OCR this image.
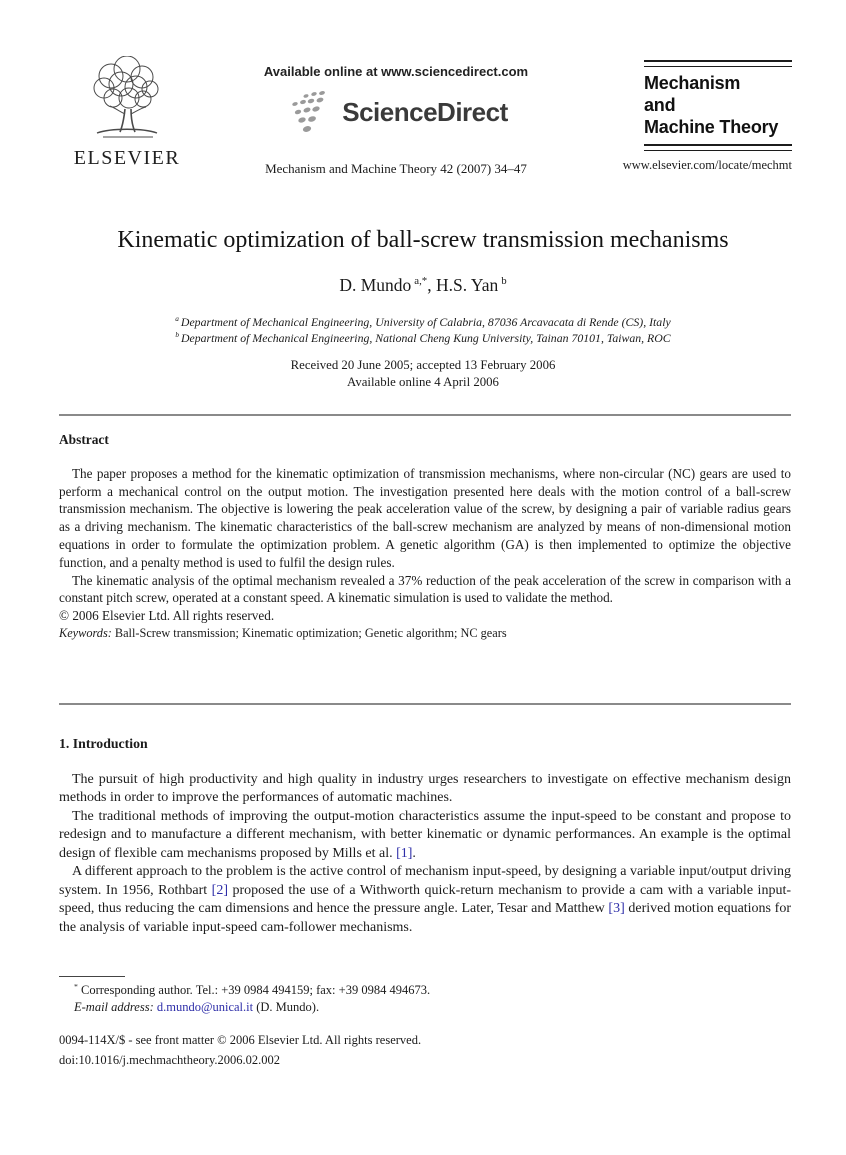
ELSEVIER
Available online at www.sciencedirect.com
ScienceDirect
Mechanism and Machine Theory 42 (2007) 34–47
Mechanism
and
Machine Theory
www.elsevier.com/locate/mechmt
Kinematic optimization of ball-screw transmission mechanisms
D. Mundo $^{a,*}$, H.S. Yan $^b$
$^a$ Department of Mechanical Engineering, University of Calabria, 87036 Arcavacata di Rende (CS), Italy
$^b$ Department of Mechanical Engineering, National Cheng Kung University, Tainan 70101, Taiwan, ROC
Received 20 June 2005; accepted 13 February 2006
Available online 4 April 2006
Abstract

The paper proposes a method for the kinematic optimization of transmission mechanisms, where non-circular (NC) gears are used to perform a mechanical control on the output motion. The investigation presented here deals with the motion control of a ball-screw transmission mechanism. The objective is lowering the peak acceleration value of the screw, by designing a pair of variable radius gears as a driving mechanism. The kinematic characteristics of the ball-screw mechanism are analyzed by means of non-dimensional motion equations in order to formulate the optimization problem. A genetic algorithm (GA) is then implemented to optimize the objective function, and a penalty method is used to fulfil the design rules.

The kinematic analysis of the optimal mechanism revealed a 37% reduction of the peak acceleration of the screw in comparison with a constant pitch screw, operated at a constant speed. A kinematic simulation is used to validate the method.

© 2006 Elsevier Ltd. All rights reserved.

Keywords: Ball-Screw transmission; Kinematic optimization; Genetic algorithm; NC gears

1. Introduction

The pursuit of high productivity and high quality in industry urges researchers to investigate on effective mechanism design methods in order to improve the performances of automatic machines.

The traditional methods of improving the output-motion characteristics assume the input-speed to be constant and propose to redesign and to manufacture a different mechanism, with better kinematic or dynamic performances. An example is the optimal design of flexible cam mechanisms proposed by Mills et al. [1].

A different approach to the problem is the active control of mechanism input-speed, by designing a variable input/output driving system. In 1956, Rothbart [2] proposed the use of a Withworth quick-return mechanism to provide a cam with a variable input-speed, thus reducing the cam dimensions and hence the pressure angle. Later, Tesar and Matthew [3] derived motion equations for the analysis of variable input-speed cam-follower mechanisms.

* Corresponding author. Tel.: +39 0984 494159; fax: +39 0984 494673.
E-mail address: d.mundo@unical.it (D. Mundo).
0094-114X/$ - see front matter © 2006 Elsevier Ltd. All rights reserved.
doi:10.1016/j.mechmachtheory.2006.02.002
